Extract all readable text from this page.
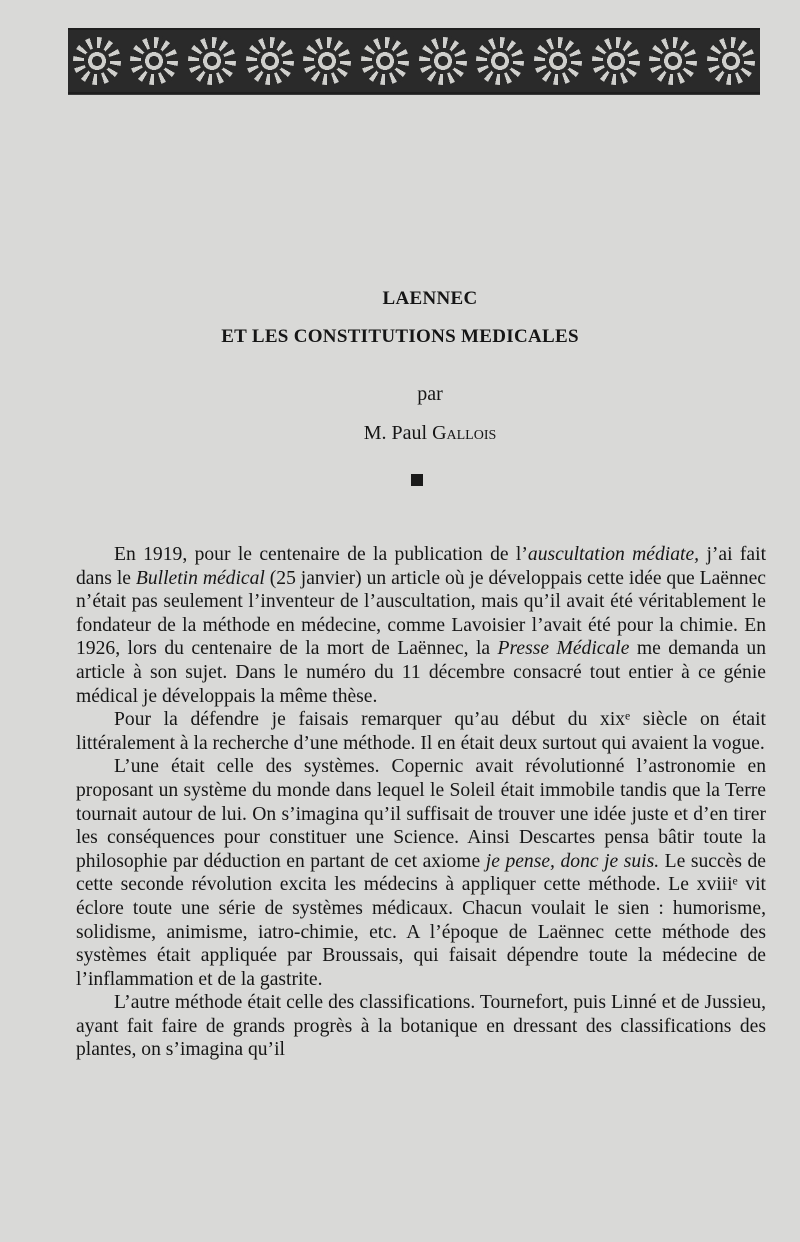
LAENNEC
ET LES CONSTITUTIONS MEDICALES
par
M. Paul Gallois

En 1919, pour le centenaire de la publication de l’auscultation médiate, j’ai fait dans le Bulletin médical (25 janvier) un article où je développais cette idée que Laënnec n’était pas seulement l’inventeur de l’auscultation, mais qu’il avait été véritablement le fondateur de la méthode en médecine, comme Lavoisier l’avait été pour la chimie. En 1926, lors du centenaire de la mort de Laënnec, la Presse Médicale me demanda un article à son sujet. Dans le numéro du 11 décembre consacré tout entier à ce génie médical je développais la même thèse.

Pour la défendre je faisais remarquer qu’au début du xixᵉ siècle on était littéralement à la recherche d’une méthode. Il en était deux surtout qui avaient la vogue.

L’une était celle des systèmes. Copernic avait révolutionné l’astronomie en proposant un système du monde dans lequel le Soleil était immobile tandis que la Terre tournait autour de lui. On s’imagina qu’il suffisait de trouver une idée juste et d’en tirer les conséquences pour constituer une Science. Ainsi Descartes pensa bâtir toute la philosophie par déduction en partant de cet axiome je pense, donc je suis. Le succès de cette seconde révolution excita les médecins à appliquer cette méthode. Le xviiiᵉ vit éclore toute une série de systèmes médicaux. Chacun voulait le sien : humorisme, solidisme, animisme, iatro-chimie, etc. A l’époque de Laënnec cette méthode des systèmes était appliquée par Broussais, qui faisait dépendre toute la médecine de l’inflammation et de la gastrite.

L’autre méthode était celle des classifications. Tournefort, puis Linné et de Jussieu, ayant fait faire de grands progrès à la botanique en dressant des classifications des plantes, on s’imagina qu’il
